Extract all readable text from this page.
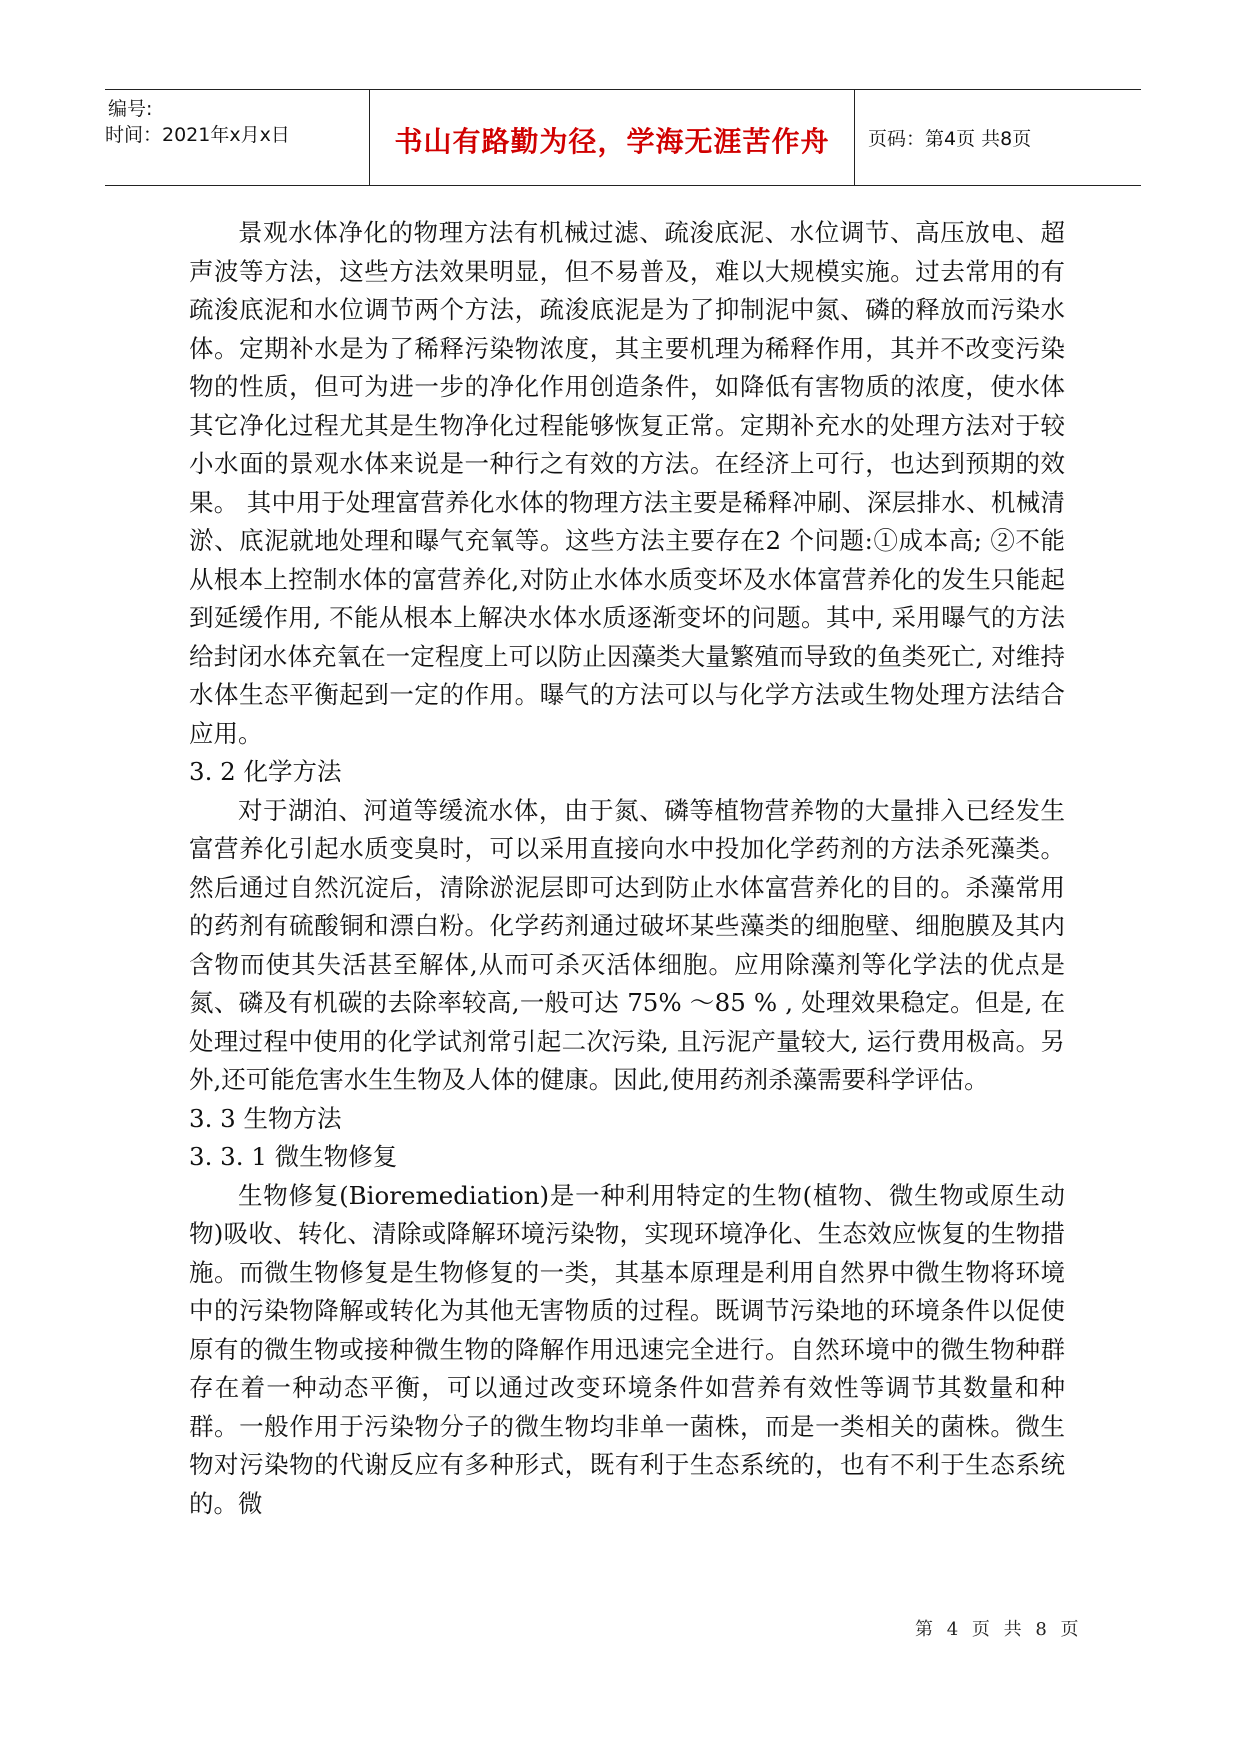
编号:
时间：2021年x月x日	书山有路勤为径，学海无涯苦作舟	页码：第4页 共8页

景观水体净化的物理方法有机械过滤、疏浚底泥、水位调节、高压放电、超声波等方法，这些方法效果明显，但不易普及，难以大规模实施。过去常用的有疏浚底泥和水位调节两个方法，疏浚底泥是为了抑制泥中氮、磷的释放而污染水体。定期补水是为了稀释污染物浓度，其主要机理为稀释作用，其并不改变污染物的性质，但可为进一步的净化作用创造条件，如降低有害物质的浓度，使水体其它净化过程尤其是生物净化过程能够恢复正常。定期补充水的处理方法对于较小水面的景观水体来说是一种行之有效的方法。在经济上可行，也达到预期的效果。 其中用于处理富营养化水体的物理方法主要是稀释冲刷、深层排水、机械清淤、底泥就地处理和曝气充氧等。这些方法主要存在2 个问题:①成本高; ②不能从根本上控制水体的富营养化,对防止水体水质变坏及水体富营养化的发生只能起到延缓作用, 不能从根本上解决水体水质逐渐变坏的问题。其中, 采用曝气的方法给封闭水体充氧在一定程度上可以防止因藻类大量繁殖而导致的鱼类死亡, 对维持水体生态平衡起到一定的作用。曝气的方法可以与化学方法或生物处理方法结合应用。

3. 2 化学方法

对于湖泊、河道等缓流水体，由于氮、磷等植物营养物的大量排入已经发生富营养化引起水质变臭时，可以采用直接向水中投加化学药剂的方法杀死藻类。然后通过自然沉淀后，清除淤泥层即可达到防止水体富营养化的目的。杀藻常用的药剂有硫酸铜和漂白粉。化学药剂通过破坏某些藻类的细胞壁、细胞膜及其内含物而使其失活甚至解体,从而可杀灭活体细胞。应用除藻剂等化学法的优点是氮、磷及有机碳的去除率较高,一般可达 75% ～85 % , 处理效果稳定。但是, 在处理过程中使用的化学试剂常引起二次污染, 且污泥产量较大, 运行费用极高。另外,还可能危害水生生物及人体的健康。因此,使用药剂杀藻需要科学评估。

3. 3 生物方法

3. 3. 1 微生物修复

生物修复(Bioremediation)是一种利用特定的生物(植物、微生物或原生动物)吸收、转化、清除或降解环境污染物，实现环境净化、生态效应恢复的生物措施。而微生物修复是生物修复的一类，其基本原理是利用自然界中微生物将环境中的污染物降解或转化为其他无害物质的过程。既调节污染地的环境条件以促使原有的微生物或接种微生物的降解作用迅速完全进行。自然环境中的微生物种群存在着一种动态平衡，可以通过改变环境条件如营养有效性等调节其数量和种群。一般作用于污染物分子的微生物均非单一菌株，而是一类相关的菌株。微生物对污染物的代谢反应有多种形式，既有利于生态系统的，也有不利于生态系统的。微

第 4 页 共 8 页
